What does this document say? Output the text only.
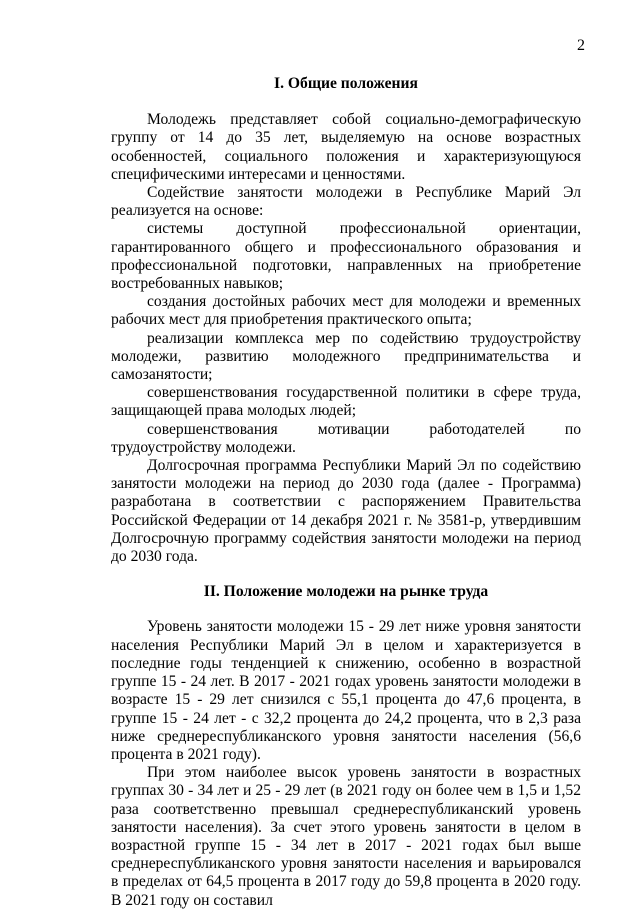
2
I. Общие положения

Молодежь представляет собой социально-демографическую группу от 14 до 35 лет, выделяемую на основе возрастных особенностей, социального положения и характеризующуюся специфическими интересами и ценностями.

Содействие занятости молодежи в Республике Марий Эл реализуется на основе:

системы доступной профессиональной ориентации, гарантированного общего и профессионального образования и профессиональной подготовки, направленных на приобретение востребованных навыков;

создания достойных рабочих мест для молодежи и временных рабочих мест для приобретения практического опыта;

реализации комплекса мер по содействию трудоустройству молодежи, развитию молодежного предпринимательства и самозанятости;

совершенствования государственной политики в сфере труда, защищающей права молодых людей;

совершенствования мотивации работодателей по трудоустройству молодежи.

Долгосрочная программа Республики Марий Эл по содействию занятости молодежи на период до 2030 года (далее - Программа) разработана в соответствии с распоряжением Правительства Российской Федерации от 14 декабря 2021 г. № 3581-р, утвердившим Долгосрочную программу содействия занятости молодежи на период до 2030 года.

II. Положение молодежи на рынке труда

Уровень занятости молодежи 15 - 29 лет ниже уровня занятости населения Республики Марий Эл в целом и характеризуется в последние годы тенденцией к снижению, особенно в возрастной группе 15 - 24 лет. В 2017 - 2021 годах уровень занятости молодежи в возрасте 15 - 29 лет снизился с 55,1 процента до 47,6 процента, в группе 15 - 24 лет - с 32,2 процента до 24,2 процента, что в 2,3 раза ниже среднереспубликанского уровня занятости населения (56,6 процента в 2021 году).

При этом наиболее высок уровень занятости в возрастных группах 30 - 34 лет и 25 - 29 лет (в 2021 году он более чем в 1,5 и 1,52 раза соответственно превышал среднереспубликанский уровень занятости населения). За счет этого уровень занятости в целом в возрастной группе 15 - 34 лет в 2017 - 2021 годах был выше среднереспубликанского уровня занятости населения и варьировался в пределах от 64,5 процента в 2017 году до 59,8 процента в 2020 году. В 2021 году он составил
